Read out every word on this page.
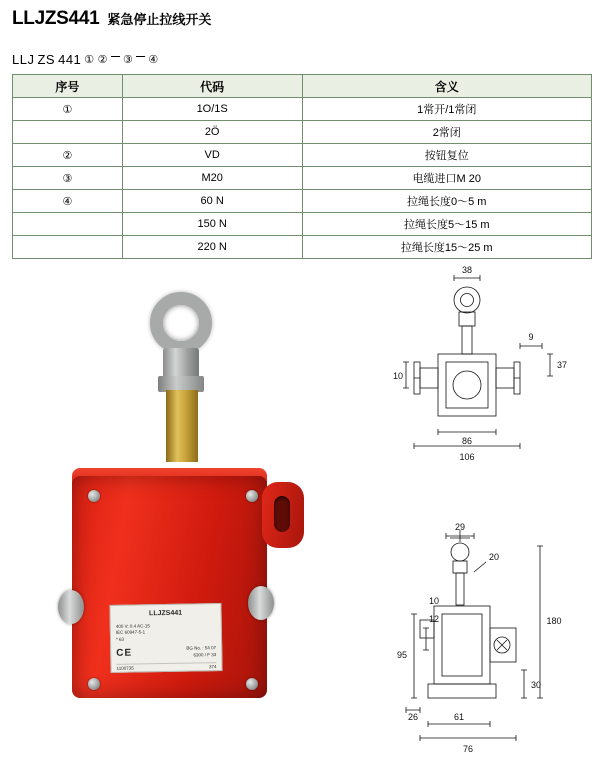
LLJZS441 紧急停止拉线开关
LLJ ZS 441 ① ② ③ ④
序号	代码	含义
①	1O/1S	1常开/1常闭
	2Ö	2常闭
②	VD	按钮复位
③	M20	电缆进口M 20
④	60 N	拉绳长度0～5 m
	150 N	拉绳长度5～15 m
	220 N	拉绳长度15～25 m
LLJZS441
400 V; 0.4 AC-15
IEC 60947-5-1
* 63
CE	BG No. : 54 07
6300 / F 33
1100735	374
38
9
37
10
86
106
29
20
10
12	180
95
30
26	61
76
